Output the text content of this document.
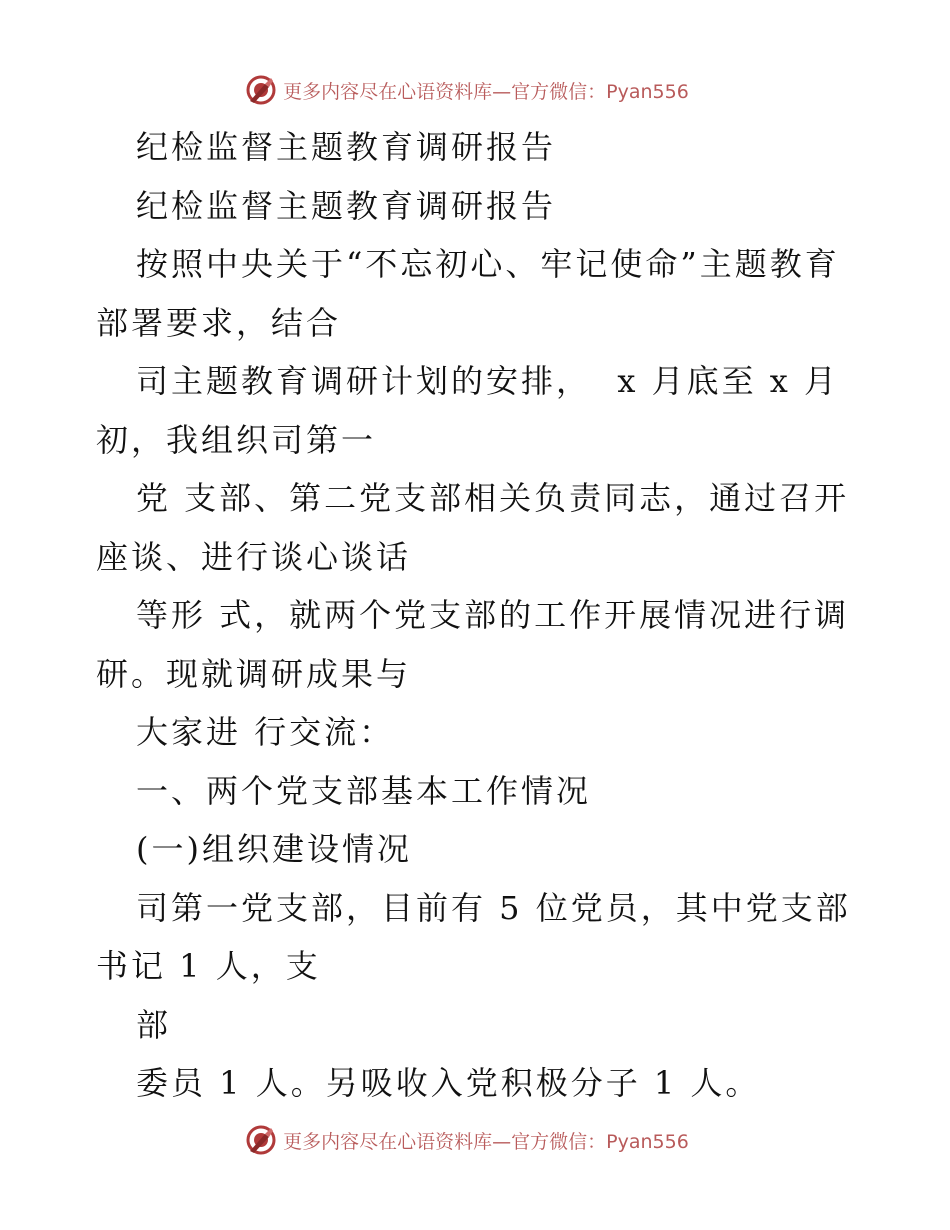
更多内容尽在心语资料库—官方微信：Pyan556
纪检监督主题教育调研报告
纪检监督主题教育调研报告
按照中央关于“不忘初心、牢记使命”主题教育
部署要求，结合
司主题教育调研计划的安排，  x 月底至 x 月
初，我组织司第一
党 支部、第二党支部相关负责同志，通过召开
座谈、进行谈心谈话
等形 式，就两个党支部的工作开展情况进行调
研。现就调研成果与
大家进 行交流：
一、两个党支部基本工作情况
(一)组织建设情况
司第一党支部，目前有 5 位党员，其中党支部
书记 1 人，支
部
委员 1 人。另吸收入党积极分子 1 人。
更多内容尽在心语资料库—官方微信：Pyan556
